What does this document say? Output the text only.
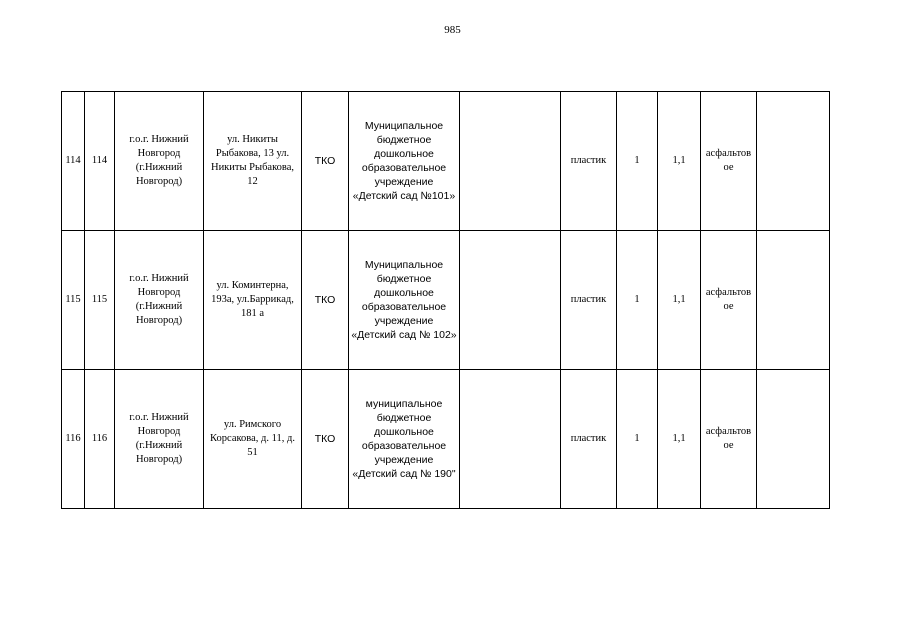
985
114	114	г.о.г. Нижний Новгород (г.Нижний Новгород)	ул. Никиты Рыбакова, 13 ул. Никиты Рыбакова, 12	ТКО	Муниципальное бюджетное дошкольное образовательное учреждение «Детский сад №101»		пластик	1	1,1	асфальтов ое	
115	115	г.о.г. Нижний Новгород (г.Нижний Новгород)	ул. Коминтерна, 193а, ул.Баррикад, 181 а	ТКО	Муниципальное бюджетное дошкольное образовательное учреждение «Детский сад № 102»		пластик	1	1,1	асфальтов ое	
116	116	г.о.г. Нижний Новгород (г.Нижний Новгород)	ул. Римского Корсакова, д. 11, д. 51	ТКО	муниципальное бюджетное дошкольное образовательное учреждение «Детский сад № 190"		пластик	1	1,1	асфальтов ое	
